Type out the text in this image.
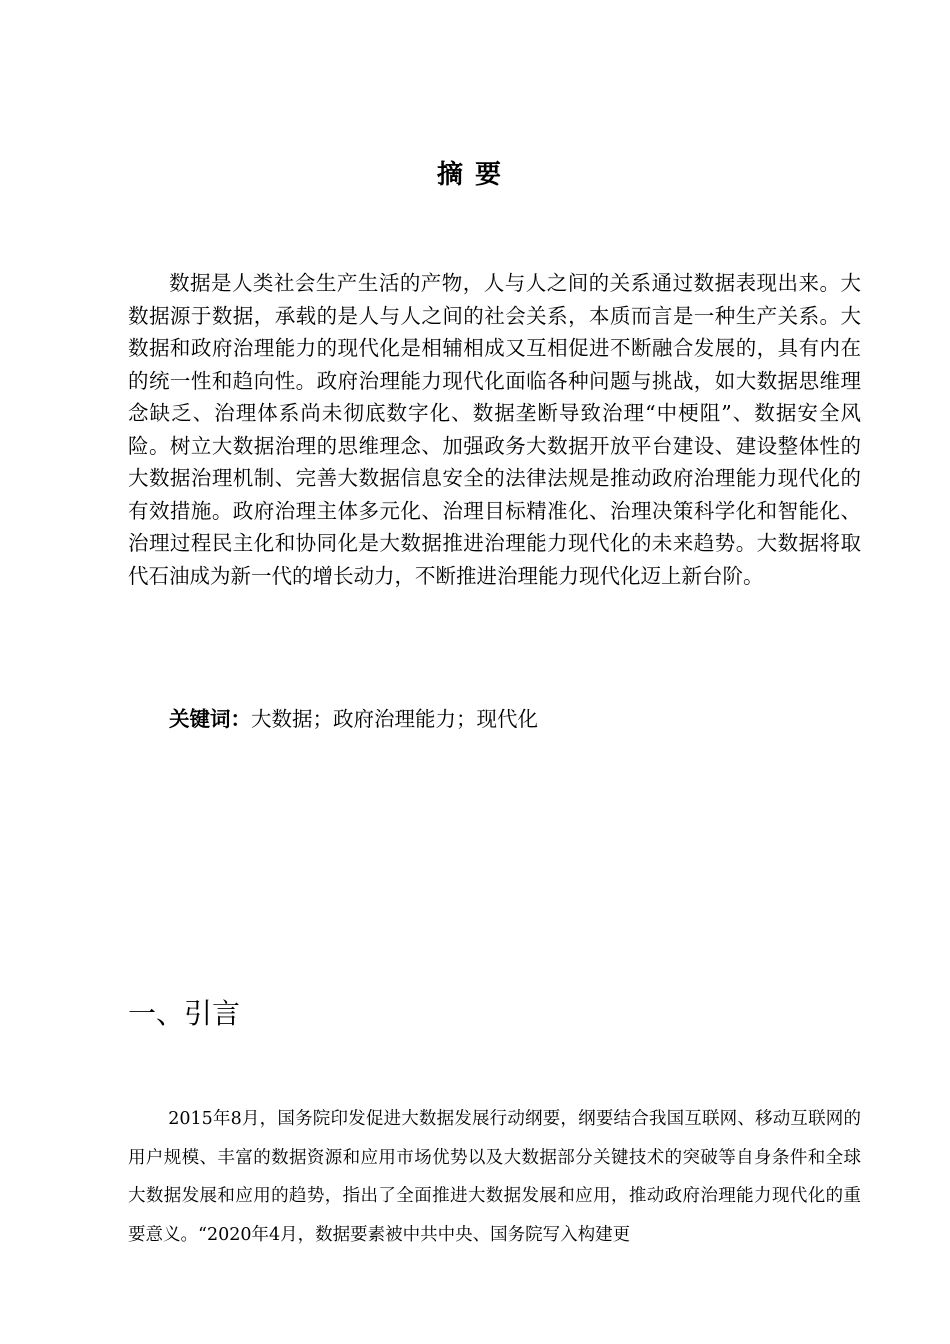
摘要

数据是人类社会生产生活的产物，人与人之间的关系通过数据表现出来。大数据源于数据，承载的是人与人之间的社会关系，本质而言是一种生产关系。大数据和政府治理能力的现代化是相辅相成又互相促进不断融合发展的，具有内在的统一性和趋向性。政府治理能力现代化面临各种问题与挑战，如大数据思维理念缺乏、治理体系尚未彻底数字化、数据垄断导致治理“中梗阻”、数据安全风险。树立大数据治理的思维理念、加强政务大数据开放平台建设、建设整体性的大数据治理机制、完善大数据信息安全的法律法规是推动政府治理能力现代化的有效措施。政府治理主体多元化、治理目标精准化、治理决策科学化和智能化、治理过程民主化和协同化是大数据推进治理能力现代化的未来趋势。大数据将取代石油成为新一代的增长动力，不断推进治理能力现代化迈上新台阶。

关键词：大数据；政府治理能力；现代化

一、引言

2015年8月，国务院印发促进大数据发展行动纲要，纲要结合我国互联网、移动互联网的用户规模、丰富的数据资源和应用市场优势以及大数据部分关键技术的突破等自身条件和全球大数据发展和应用的趋势，指出了全面推进大数据发展和应用，推动政府治理能力现代化的重要意义。“2020年4月，数据要素被中共中央、国务院写入构建更
